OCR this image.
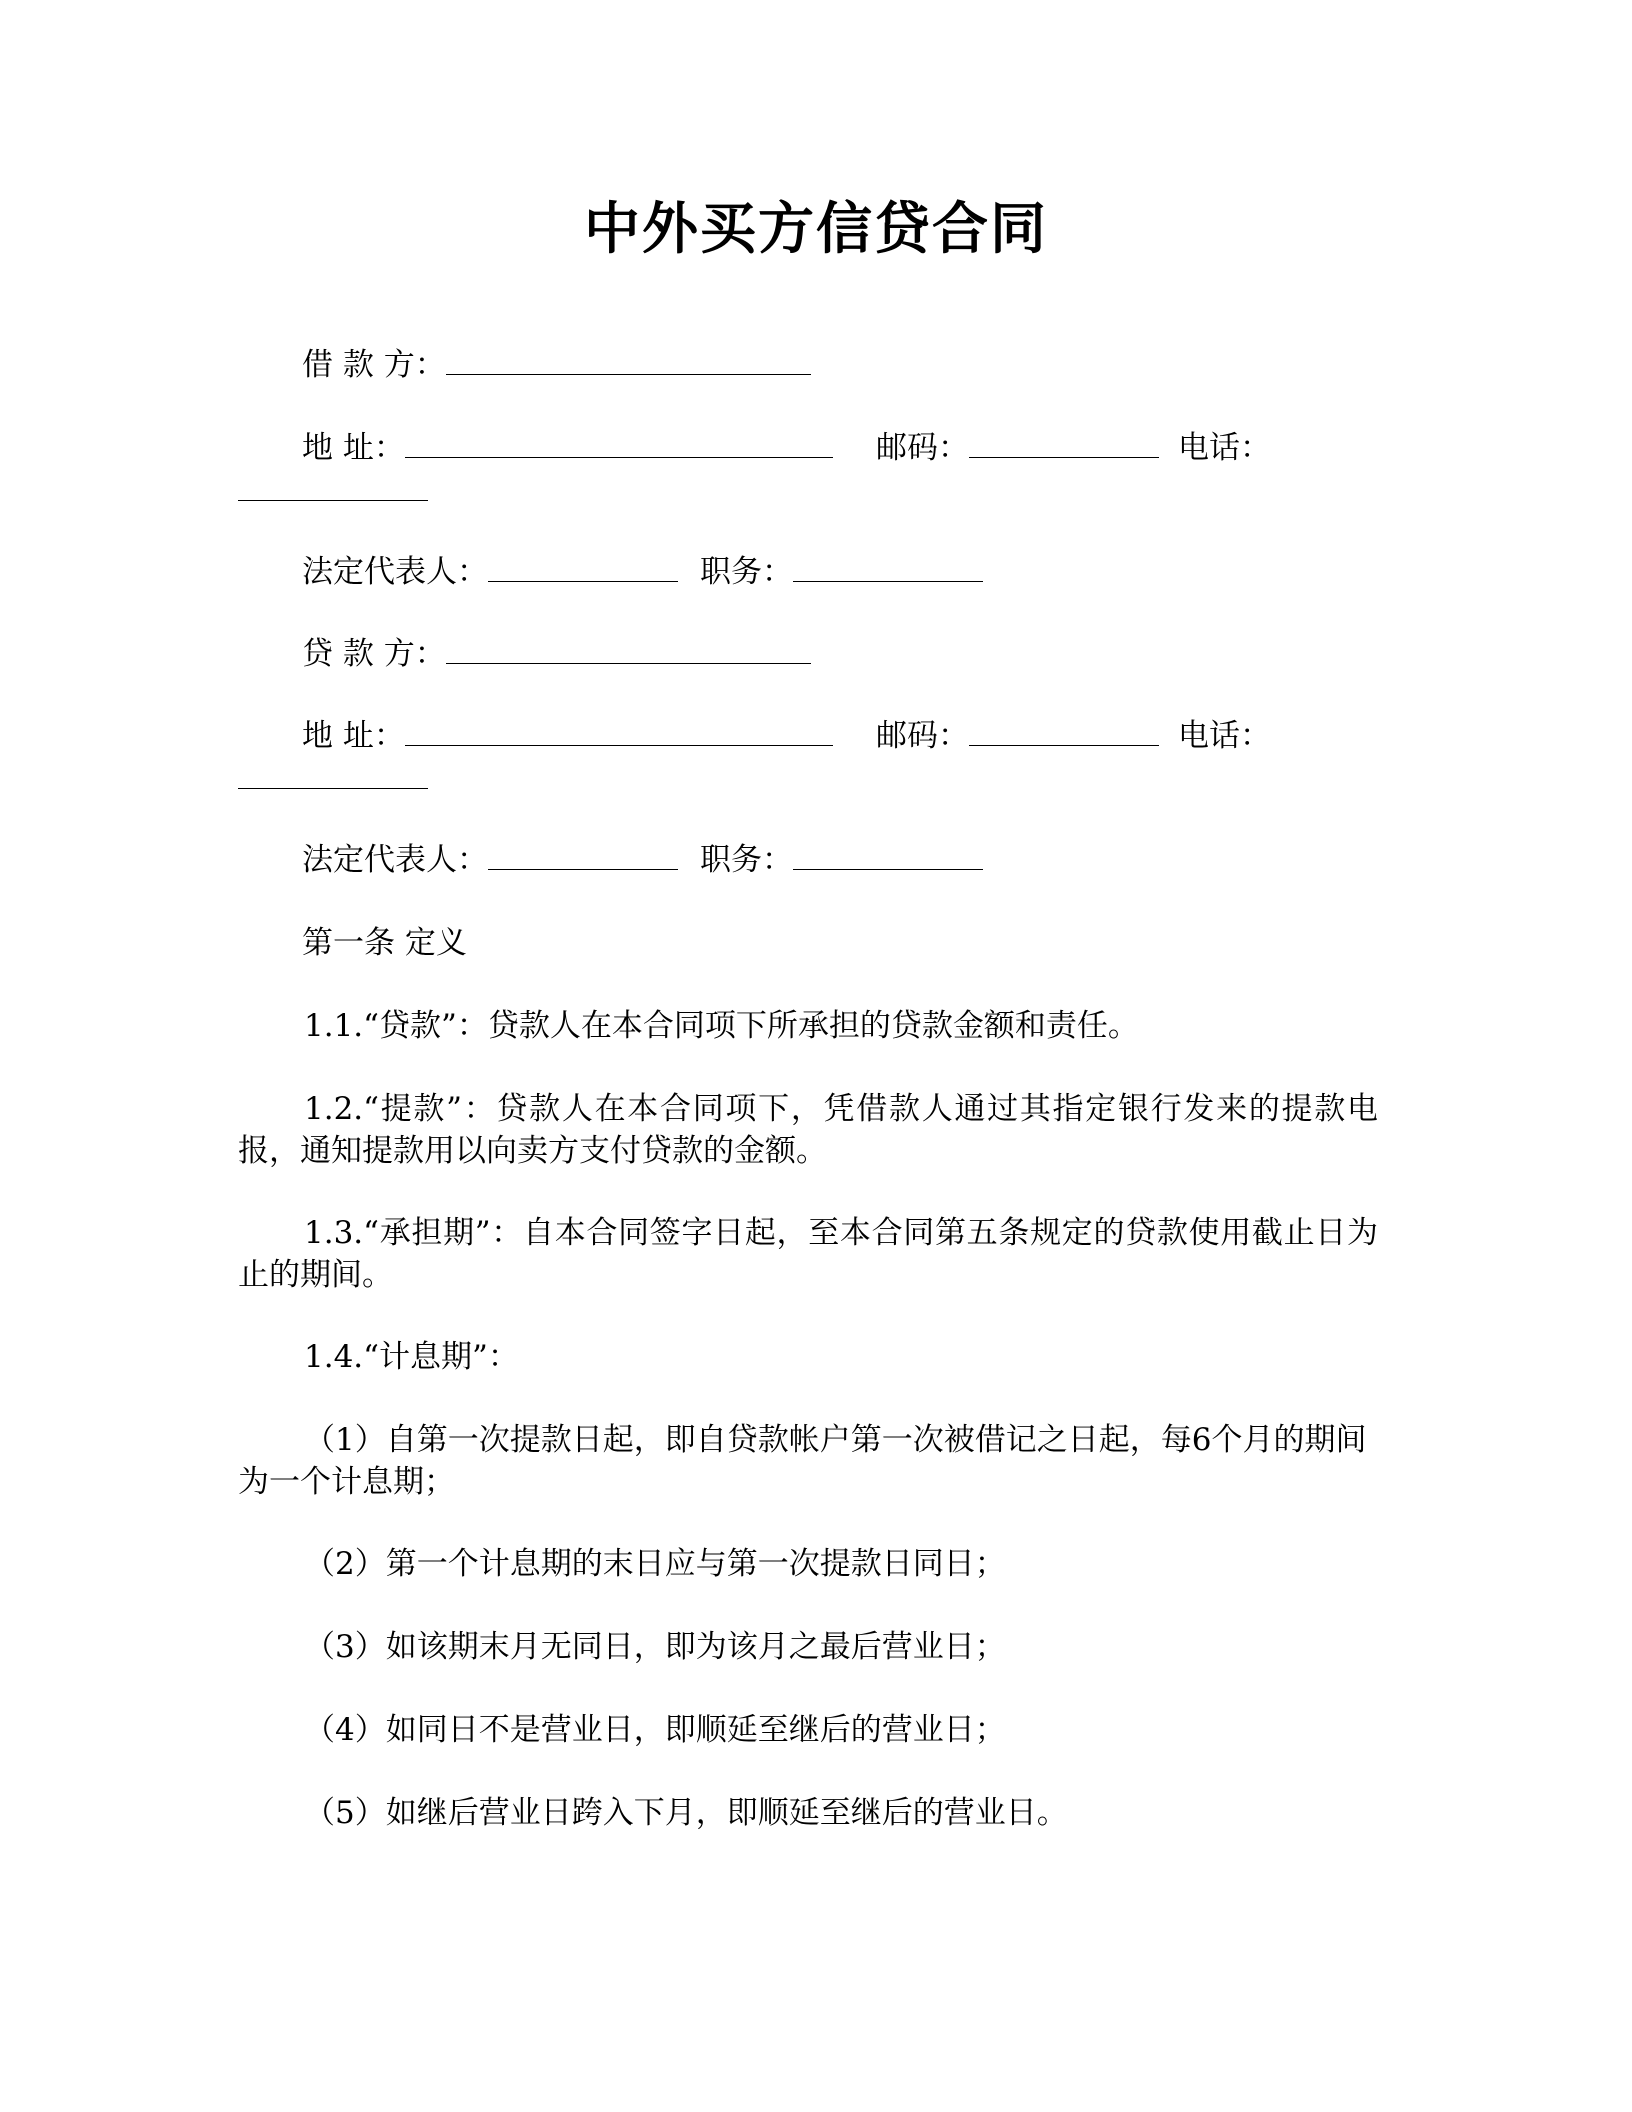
中外买方信贷合同
借 款 方：
地 址：	邮码：	电话：
法定代表人：	职务：
贷 款 方：
地 址：	邮码：	电话：
法定代表人：	职务：
第一条 定义
1.1.“贷款”：贷款人在本合同项下所承担的贷款金额和责任。
1.2.“提款”：贷款人在本合同项下，凭借款人通过其指定银行发来的提款电报，通知提款用以向卖方支付贷款的金额。
1.3.“承担期”：自本合同签字日起，至本合同第五条规定的贷款使用截止日为止的期间。
1.4.“计息期”：
（1）自第一次提款日起，即自贷款帐户第一次被借记之日起，每6个月的期间为一个计息期；
（2）第一个计息期的末日应与第一次提款日同日；
（3）如该期末月无同日，即为该月之最后营业日；
（4）如同日不是营业日，即顺延至继后的营业日；
（5）如继后营业日跨入下月，即顺延至继后的营业日。
